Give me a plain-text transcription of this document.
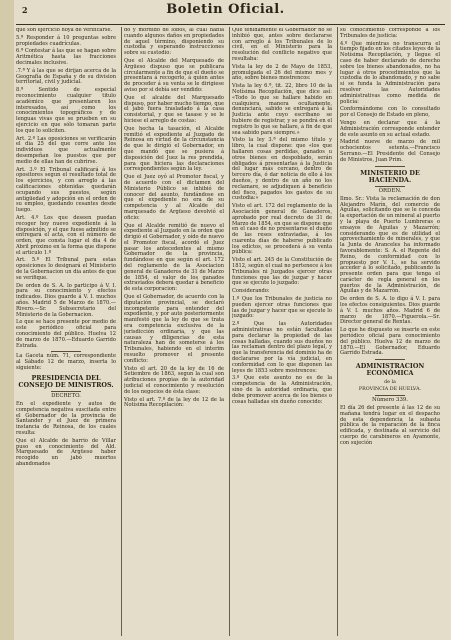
2	Boletin Oficial.

que son ejercicio hoya de verificarse.

5.ª Responder á 10 preguntas sobre propiedades cuadrículas.

6.ª Contestar á las que se hagan sobre Aritmética hasta las fracciones decimales inclusive.

.7.ª Y á las que se dirijan acerca de la Geografía de España y de su division territorial, civil y judicial.

8.ª Sentido de especial reconocimiento cualquier titulo académico que presentaren los interesados, así como los conocimientos topográficos y de lenguas vivas que se prueben en su ejercicio en que sólo tomaran parte los que lo soliciten.

Art. 2.º Las oposiciones se verificarán el dia 25 del que corre ante los individuos que actualmente desempeñan los puestos que por medio de ellas han de cubrirse.

Art. 3.º El Tribunal calificará á los opositores segun el resultado total de los ejercicios, y con arreglo á las calificaciones obtenidas quedarán ocupando sus puestos, según antigüedad y adopción en el orden de su empleo, quedando cesantes desde luego.

Art. 4.º Los que deseen puedan recoger hoy nuevo expediente á la disposición, y el que fuese admitido se entregará el acta, con el número de orden, que consta lugar el dia 4 de Abril próximo en la forma que dispone el artículo 1.º

Art. 5.º El Tribunal para estas oposiciones lo designará el Ministerio de la Gobernacion un dia antes de que se verifique.

De orden de S. A. lo participo á V. I. para su conocimiento y efectos indicados. Dios guarde á V. I. muchos años. Madrid 5 de Marzo de 1870.—Rivero.—Sr. Subsecretario del Ministerio de la Gobernacion.

Lo que se hace presente por medio de este periódico oficial para conocimiento del público. Huelva 12 de marzo de 1870.—Eduardo Garrido Estrada.

La Gaceta núm. 71, correspondiente al Sábado 12 de marzo, inserta lo siguiente:

PRESIDENCIA DEL CONSEJO DE MINISTROS.

DECRETO.

En el expediente y autos de competencia negativa suscitada entre el Gobernador de la provincia de Santander y el Juez de primera instancia de Reinosa, de los cuales resulta:

Que el Alcalde de barrio de Villar puso en conocimiento del Ald. Marquesado de Argüeso haber recogido un jabó muertos abandonados

do y mordido de lobos, al cual habia cuando algunos daños en propiedades de aquel término, disponiendo su custodia y esperando instrucciones sobre su custodio:

Que el Alcalde del Marquesado de Argüeso dispuso que se publicara circularmente a fin de que el dueño se presentara á recogerlo, á quien antes de proceder á su venta se le dirigiese aviso por si debía ser vendido:

Que el alcalde del Marquesado dispuso, por haber mucho tiempo, que el jabó fuera trasladado á la casa consistorial, y que se tasase y se le hiciese el arreglo de costas:

Que hecha la tasación, el Alcalde remitió el expediente al Juzgado de Reinosa en virtud de la circunstancia de que le dirigió el Gobernador, en que mandó que se pusiera á disposición del Juez la res prendida, para que hiciera las declaraciones correspondientes según la ley.

Que el Juez oyó al Promotor fiscal, y de acuerdo con el dictamen del Ministerio Público se inhibió de conocer del asunto, fundándose en que el expediente no era de su competencia y al Alcalde del marquesado de Argüeso devolvió el oficio:

Que el Alcalde remitió de nuevo el expediente al Juzgado en la orden que dirigió el Gobernador, y oído de nuevo el Promotor fiscal, acordó el Juez pasar los antecedentes al mismo Gobernador de la provincia, fundándose en que según el art. 172 del reglamento de la Asociacion general de Ganaderos de 31 de Marzo de 1854, el valor de los ganados extraviados deberá quedar á beneficio de esta corporacion:

Que el Gobernador, de acuerdo con la diputación provincial, se declaró incompetente para entender del expediente, y por auto posteriormente manifestó que la ley de que se trata era competencia exclusiva de la jurisdicción ordinaria, y que las causas y diligencias de esta naturaleza han de someterse á los Tribunales, habiendo en el interim resuelto promover el presente conflicto:

Visto el art. 20 de la ley de 16 de Setiembre de 1863, segun la cual son atribuciones propias de la autoridad judicial el conocimiento y resolución de los negocios de ésta clase:

Visto el art. 7.º de la ley de 12 de la Notísima Recopilación:

Que tenidamente el Gobernador no se inhibió que, antes sobre declararse con arreglo á los Tribunales de lo civil, en el Ministerio para la resolución del conflicto negativo que resultaba:

Vista la ley de 2 de Mayo de 1853, promulgada el 26 del mismo mes y año, sobre bienes mostrencos:

Vista la ley 6.ª, tit. 22, libro 10 de la Notísima Recopilación, que dice así: «Todo lo que se hallare habido en cualquiera manera ocultamente, denunciará, sabido se entregará á la Justicia ante cuyo escribano se hubiere de registrar, y se pondrá en el registro lo que se hallare, á fin de que sea sabido para siempre.»

Visto la ley 3.ª del mismo título y libro, la cual dispone: que «los que hallaren cosas perdidas, ganados u otros bienes en despoblado, serán obligados á presentarlas á la Justicia del lugar más cercano, dentro de tercero día, ó dar noticia de ello á los dueños, y dentro de un año no los reclamare, se adjudiquen á beneficio del fisco, pagados los gastos de su custodia:»

Visto el art. 172 del reglamento de la Asociación general de Ganaderos, aprobado por real decreto de 31 de Marzo de 1854, en que se dispone que en el caso de no presentarse el dueño de las reses extraviadas, á los cuarenta días de haberse publicado los edictos, se procederá á su venta pública:

Visto el art. 245 de la Constitución de 1812, según el cual no pertenece á los Tribunales ni Juzgados ejercer otras funciones que las de juzgar y hacer que se ejecute lo juzgado:

Considerando:

1.º Que los Tribunales de justicia no pueden ejercer otras funciones que las de juzgar y hacer que se ejecute lo juzgado:

2.º Que las Autoridades administrativas no están facultadas para declarar la propiedad de las cosas halladas, cuando sus dueños no las reclaman dentro del plazo legal, y que la transferencia del dominio ha de declararse por la vía judicial, en conformidad con lo que disponen las leyes de 1853 sobre mostrencos:

3.º Que este asunto no es de la competencia de la Administración, sino de la autoridad ordinaria, que debe promover acerca de los bienes o cosas halladas sin dueño conocido:

su conocimiento corresponde á los Tribunales de justicia:

4.º Que mientras no transcurra el tiempo fijado en los citados leyes de la Notísima Recopilación, y llegue el caso de haber declarado de derecho sobre los bienes abandonados, no ha lugar á otros procedimientos que la custodia de lo abandonado, y no sabe si se funda la Administración para resolver las Autoridades administrativas como medida de policía:

Conformándome con lo consultado por el Consejo de Estado en pleno,

Vengo en declarar que á la Administración corresponde entender de este asunto en su actual estado.

Madrid nueve de marzo de mil ochocientos setenta.—Francisco Serrano.—El Presidente del Consejo de Ministros, Juan Prim.

MINISTERIO DE HACIENDA.

ÓRDEN.

Ilmo. Sr.: Vista la reclamación de don Alejandro Marín, del comercio de Aguilas, solicitando que se le conceda la exportación de un mineral al puerto y la playa de Puerto Lumbreras o ensayos de Águilas y Mazarrón; considerando que es de utilidad el aprovechamiento de minerales, y que la Junta de Aranceles ha informado favorablemente: S. A. el Regente del Reino, de conformidad con lo propuesto por V. I., se ha servido acceder á lo solicitado, publicando la presente orden para que tenga el carácter de regla general en los puertos de la Administración, de Aguilas y de Mazarrón.

De orden de S. A. lo digo á V. I. para los efectos consiguientes. Dios guarde á V. I. muchos años. Madrid 6 de marzo de 1870.—Figuerola.—Sr. Director general de Rentas.

Lo que he dispuesto se inserte en este periódico oficial para conocimiento del público. Huelva 12 de marzo de 1870.—El Gobernador, Eduardo Garrido Estrada.

ADMINISTRACION ECONÓMICA

de la

PROVINCIA DE HUELVA.

Número 339.

El día 26 del presente á las 12 de su mañana tendrá lugar en el despacho de esta dependencia la subasta pública de la reparación de la finca edificada, y destinada al servicio del cuerpo de carabineros en Ayamonte, con sujeción
